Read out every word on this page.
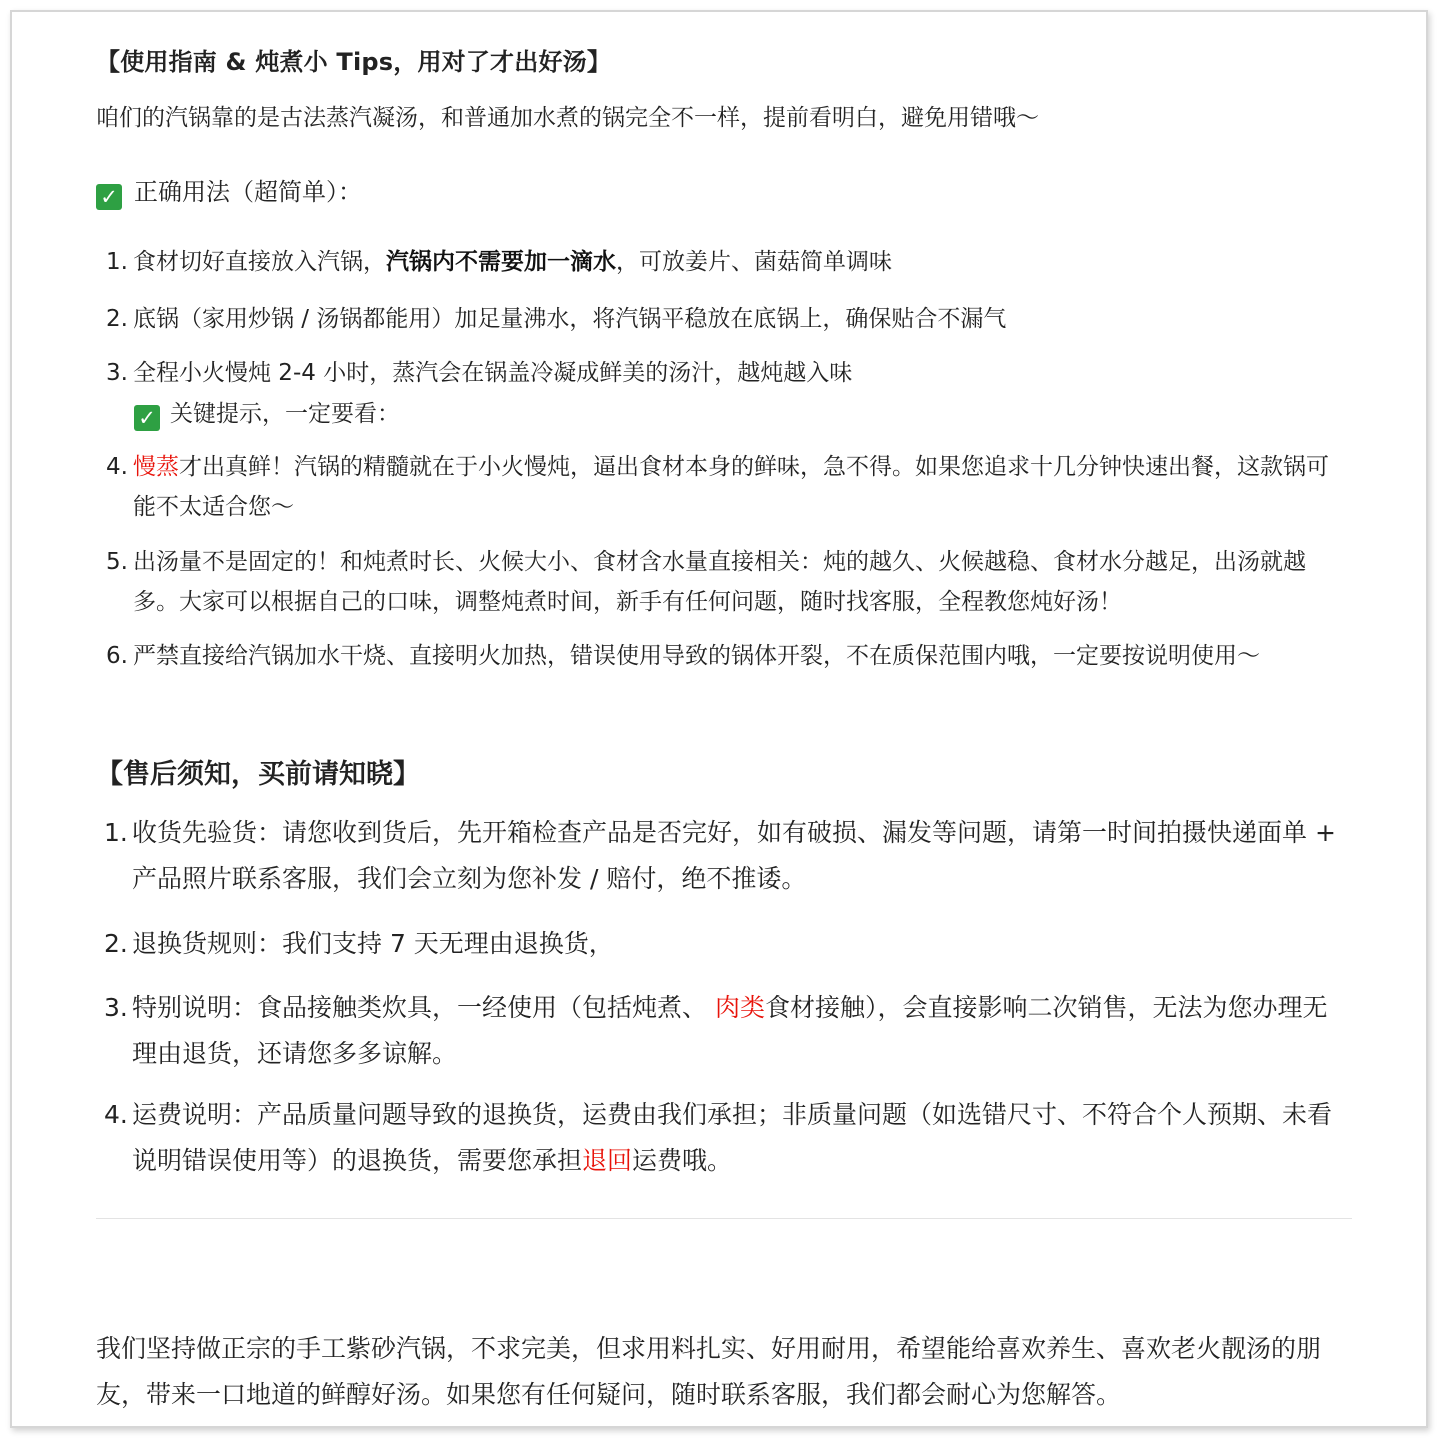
【使用指南 & 炖煮小 Tips，用对了才出好汤】
咱们的汽锅靠的是古法蒸汽凝汤，和普通加水煮的锅完全不一样，提前看明白，避免用错哦～
✓ 正确用法（超简单）：
1. 食材切好直接放入汽锅，汽锅内不需要加一滴水，可放姜片、菌菇简单调味
2. 底锅（家用炒锅 / 汤锅都能用）加足量沸水，将汽锅平稳放在底锅上，确保贴合不漏气
3. 全程小火慢炖 2-4 小时，蒸汽会在锅盖冷凝成鲜美的汤汁，越炖越入味
✓ 关键提示，一定要看：
4. 慢蒸才出真鲜！汽锅的精髓就在于小火慢炖，逼出食材本身的鲜味，急不得。如果您追求十几分钟快速出餐，这款锅可能不太适合您～
5. 出汤量不是固定的！和炖煮时长、火候大小、食材含水量直接相关：炖的越久、火候越稳、食材水分越足，出汤就越多。大家可以根据自己的口味，调整炖煮时间，新手有任何问题，随时找客服，全程教您炖好汤！
6. 严禁直接给汽锅加水干烧、直接明火加热，错误使用导致的锅体开裂，不在质保范围内哦，一定要按说明使用～
【售后须知，买前请知晓】
1. 收货先验货：请您收到货后，先开箱检查产品是否完好，如有破损、漏发等问题，请第一时间拍摄快递面单 + 产品照片联系客服，我们会立刻为您补发 / 赔付，绝不推诿。
2. 退换货规则：我们支持 7 天无理由退换货，
3. 特别说明：食品接触类炊具，一经使用（包括炖煮、 肉类食材接触），会直接影响二次销售，无法为您办理无理由退货，还请您多多谅解。
4. 运费说明：产品质量问题导致的退换货，运费由我们承担；非质量问题（如选错尺寸、不符合个人预期、未看说明错误使用等）的退换货，需要您承担退回运费哦。
我们坚持做正宗的手工紫砂汽锅，不求完美，但求用料扎实、好用耐用，希望能给喜欢养生、喜欢老火靓汤的朋友，带来一口地道的鲜醇好汤。如果您有任何疑问，随时联系客服，我们都会耐心为您解答。
